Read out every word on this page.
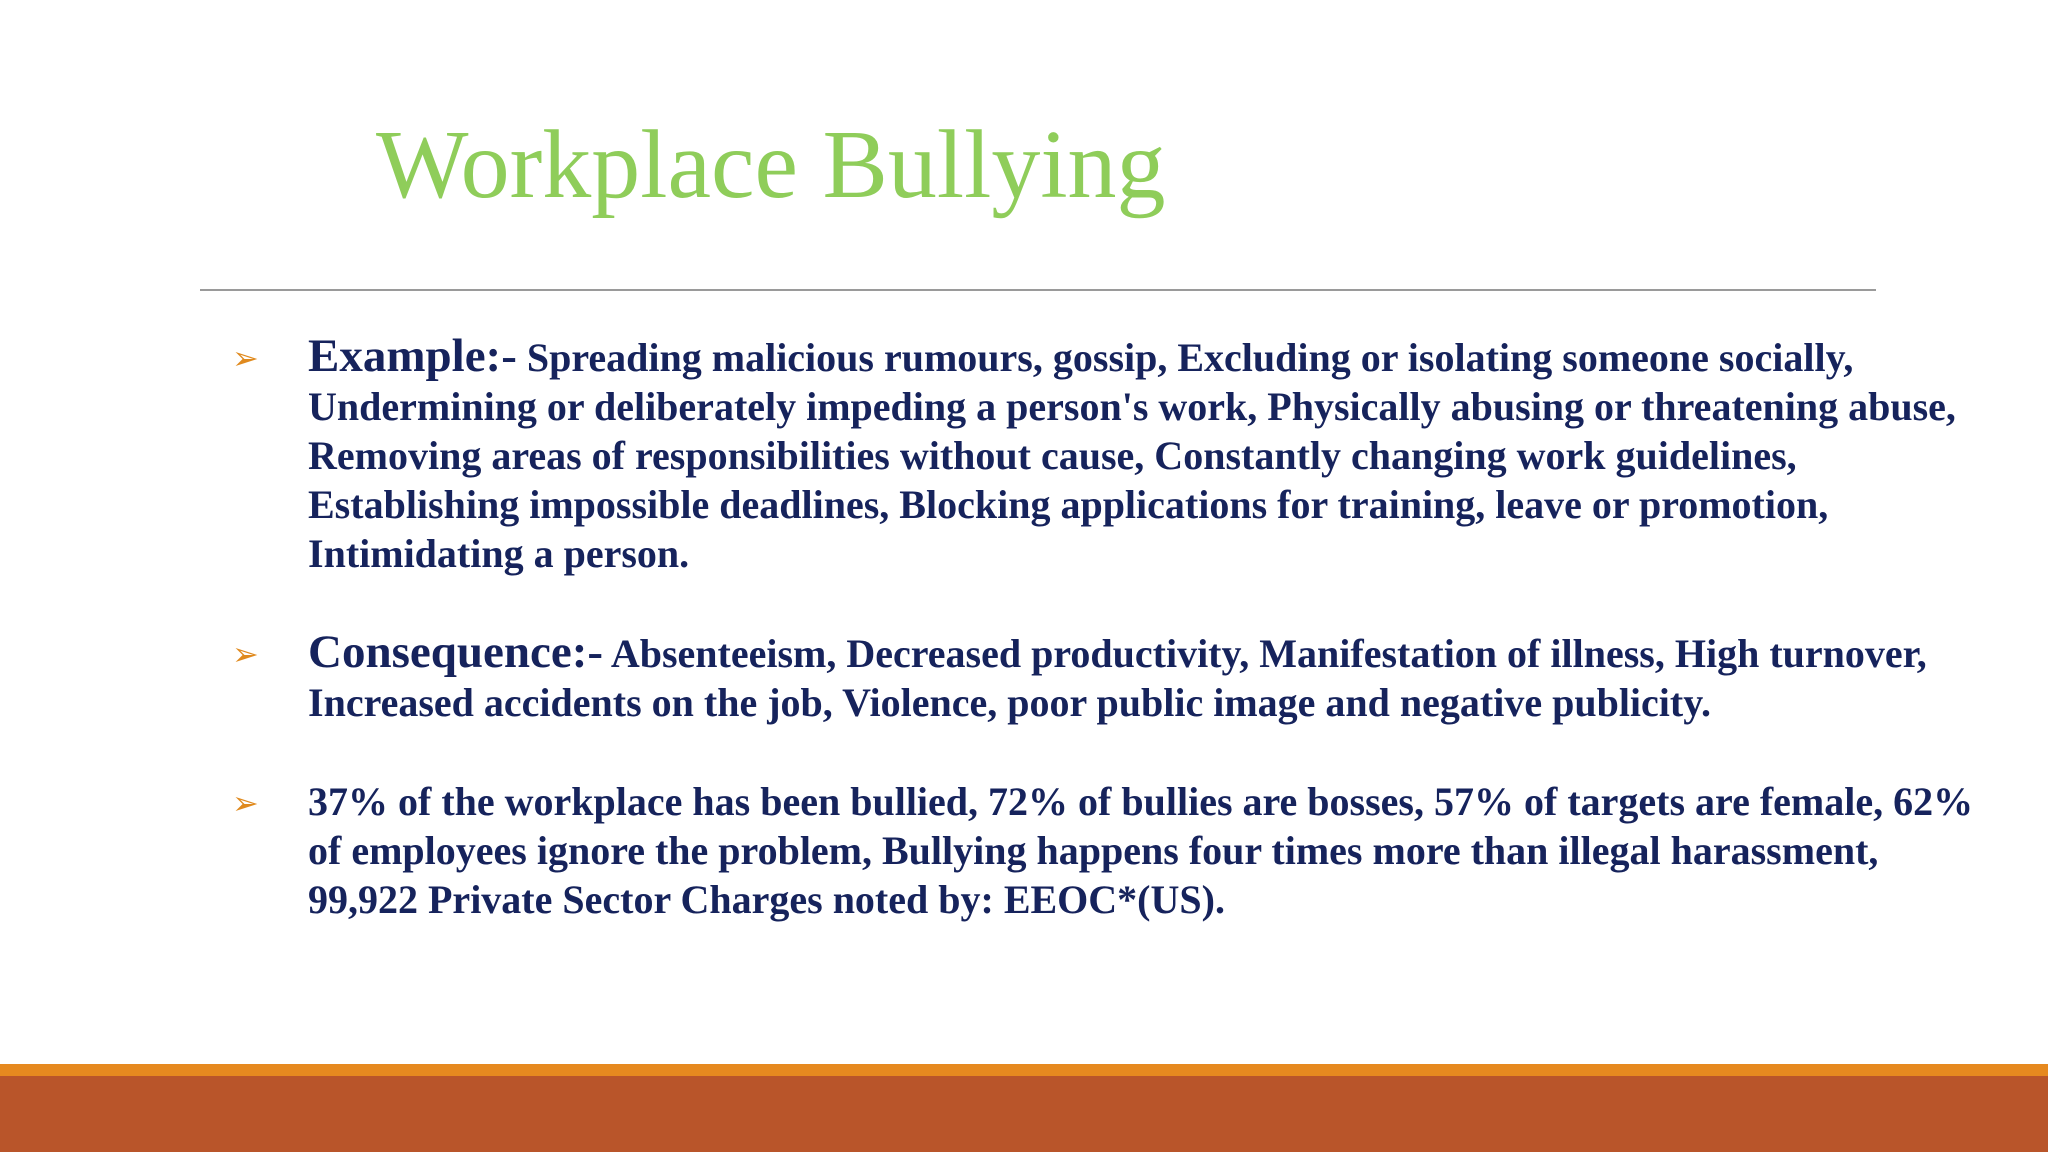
Workplace Bullying
➢ Example:- Spreading malicious rumours, gossip, Excluding or isolating someone socially, Undermining or deliberately impeding a person's work, Physically abusing or threatening abuse, Removing areas of responsibilities without cause, Constantly changing work guidelines, Establishing impossible deadlines, Blocking applications for training, leave or promotion, Intimidating a person.
➢ Consequence:- Absenteeism, Decreased productivity, Manifestation of illness, High turnover, Increased accidents on the job, Violence, poor public image and negative publicity.
➢ 37% of the workplace has been bullied, 72% of bullies are bosses, 57% of targets are female, 62% of employees ignore the problem, Bullying happens four times more than illegal harassment, 99,922 Private Sector Charges noted by: EEOC*(US).
